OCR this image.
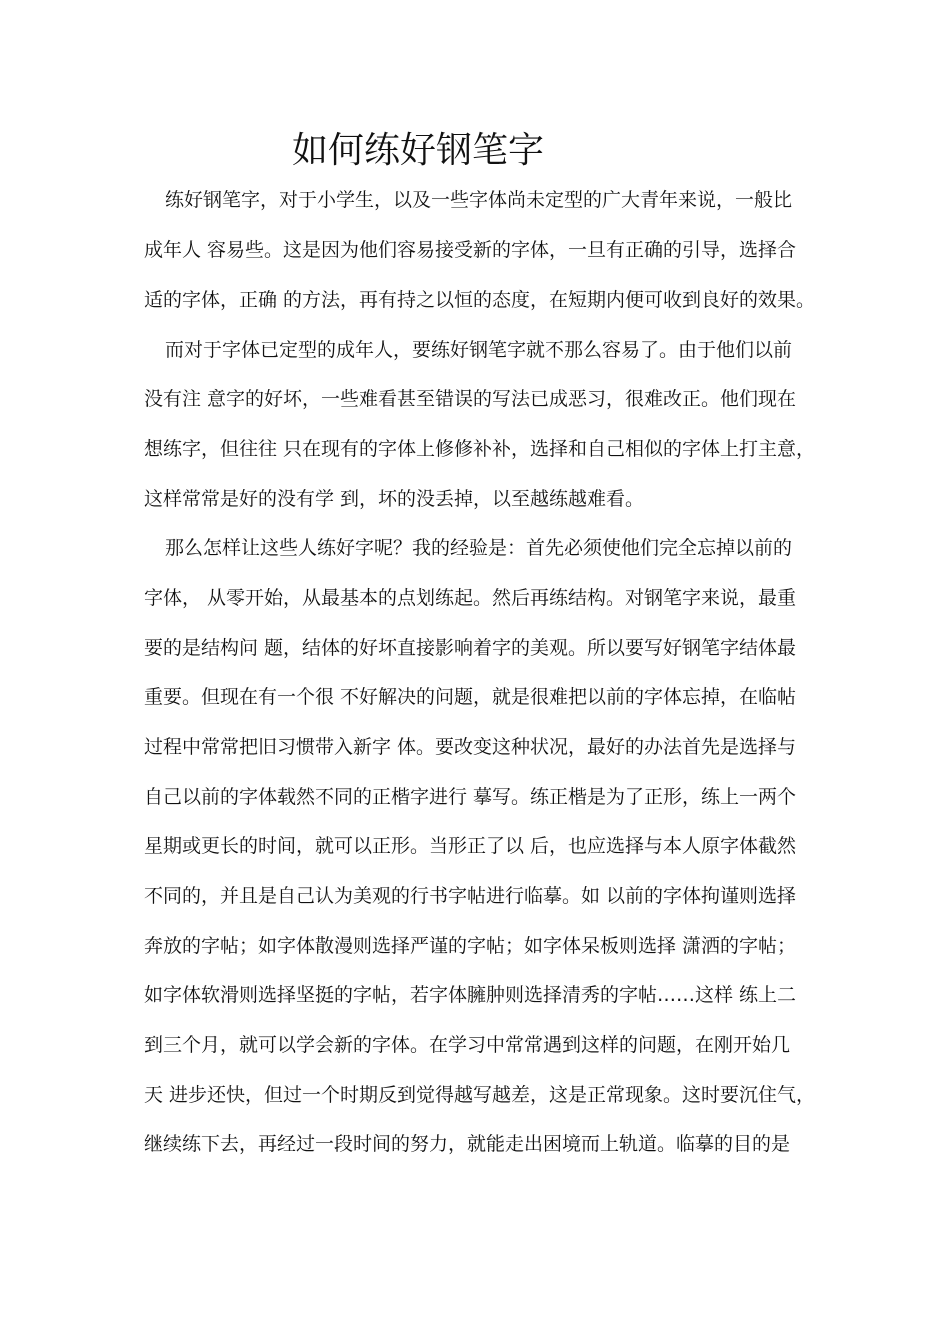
如何练好钢笔字
练好钢笔字，对于小学生，以及一些字体尚未定型的广大青年来说，一般比
成年人 容易些。这是因为他们容易接受新的字体，一旦有正确的引导，选择合
适的字体，正确 的方法，再有持之以恒的态度，在短期内便可收到良好的效果。
而对于字体已定型的成年人，要练好钢笔字就不那么容易了。由于他们以前
没有注 意字的好坏，一些难看甚至错误的写法已成恶习，很难改正。他们现在
想练字，但往往 只在现有的字体上修修补补，选择和自己相似的字体上打主意，
这样常常是好的没有学 到，坏的没丢掉，以至越练越难看。
那么怎样让这些人练好字呢？我的经验是：首先必须使他们完全忘掉以前的
字体， 从零开始，从最基本的点划练起。然后再练结构。对钢笔字来说，最重
要的是结构问 题，结体的好坏直接影响着字的美观。所以要写好钢笔字结体最
重要。但现在有一个很 不好解决的问题，就是很难把以前的字体忘掉，在临帖
过程中常常把旧习惯带入新字 体。要改变这种状况，最好的办法首先是选择与
自己以前的字体载然不同的正楷字进行 摹写。练正楷是为了正形，练上一两个
星期或更长的时间，就可以正形。当形正了以 后，也应选择与本人原字体截然
不同的，并且是自己认为美观的行书字帖进行临摹。如 以前的字体拘谨则选择
奔放的字帖；如字体散漫则选择严谨的字帖；如字体呆板则选择 潇洒的字帖；
如字体软滑则选择坚挺的字帖，若字体臃肿则选择清秀的字帖……这样 练上二
到三个月，就可以学会新的字体。在学习中常常遇到这样的问题，在刚开始几
天 进步还快，但过一个时期反到觉得越写越差，这是正常现象。这时要沉住气，
继续练下去，再经过一段时间的努力，就能走出困境而上轨道。临摹的目的是
